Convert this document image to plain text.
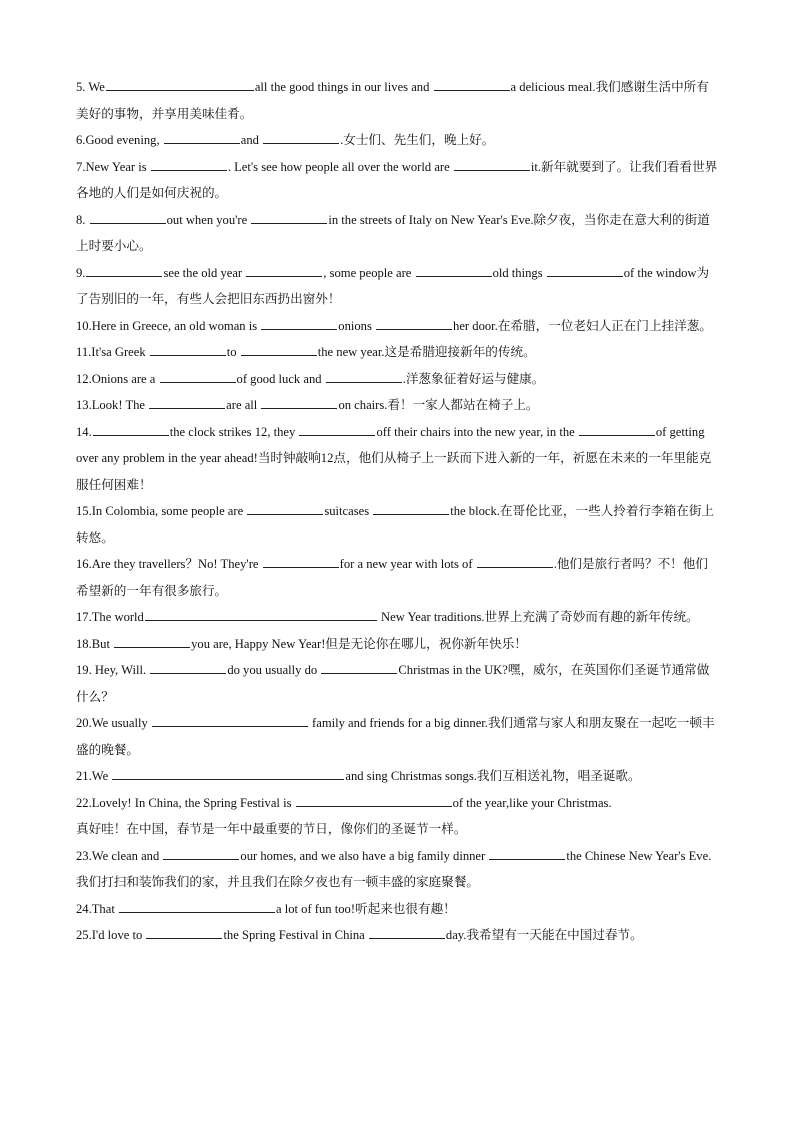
5. We	all the good things in our lives and	a delicious meal.我们感谢生活中所有美好的事物，并享用美味佳肴。

6.Good evening,	and	.女士们、先生们，晚上好。

7.New Year is	. Let's see how people all over the world are	it.新年就要到了。让我们看看世界各地的人们是如何庆祝的。

8.	out when you're	in the streets of Italy on New Year's Eve.除夕夜，当你走在意大利的街道上时要小心。

9.	see the old year	, some people are	old things	of the window为了告别旧的一年，有些人会把旧东西扔出窗外！

10.Here in Greece, an old woman is	onions	her door.在希腊，一位老妇人正在门上挂洋葱。

11.It'sa Greek	to	the new year.这是希腊迎接新年的传统。

12.Onions are a	of good luck and	.洋葱象征着好运与健康。

13.Look! The	are all	on chairs.看！一家人都站在椅子上。

14.	the clock strikes 12, they	off their chairs into the new year, in the	of getting over any problem in the year ahead!当时钟敲响12点，他们从椅子上一跃而下进入新的一年，祈愿在未来的一年里能克服任何困难！

15.In Colombia, some people are	suitcases	the block.在哥伦比亚，一些人拎着行李箱在街上转悠。

16.Are they travellers？No! They're	for a new year with lots of	.他们是旅行者吗？不！他们希望新的一年有很多旅行。

17.The world	New Year traditions.世界上充满了奇妙而有趣的新年传统。

18.But	you are, Happy New Year!但是无论你在哪儿，祝你新年快乐！

19. Hey, Will.	do you usually do	Christmas in the UK?嘿，威尔，在英国你们圣诞节通常做什么？

20.We usually	family and friends for a big dinner.我们通常与家人和朋友聚在一起吃一顿丰盛的晚餐。

21.We	and sing Christmas songs.我们互相送礼物，唱圣诞歌。

22.Lovely! In China, the Spring Festival is	of the year,like your Christmas.
真好哇！在中国，春节是一年中最重要的节日，像你们的圣诞节一样。

23.We clean and	our homes, and we also have a big family dinner	the Chinese New Year's Eve.
我们打扫和装饰我们的家，并且我们在除夕夜也有一顿丰盛的家庭聚餐。

24.That	a lot of fun too!听起来也很有趣！

25.I'd love to	the Spring Festival in China	day.我希望有一天能在中国过春节。
